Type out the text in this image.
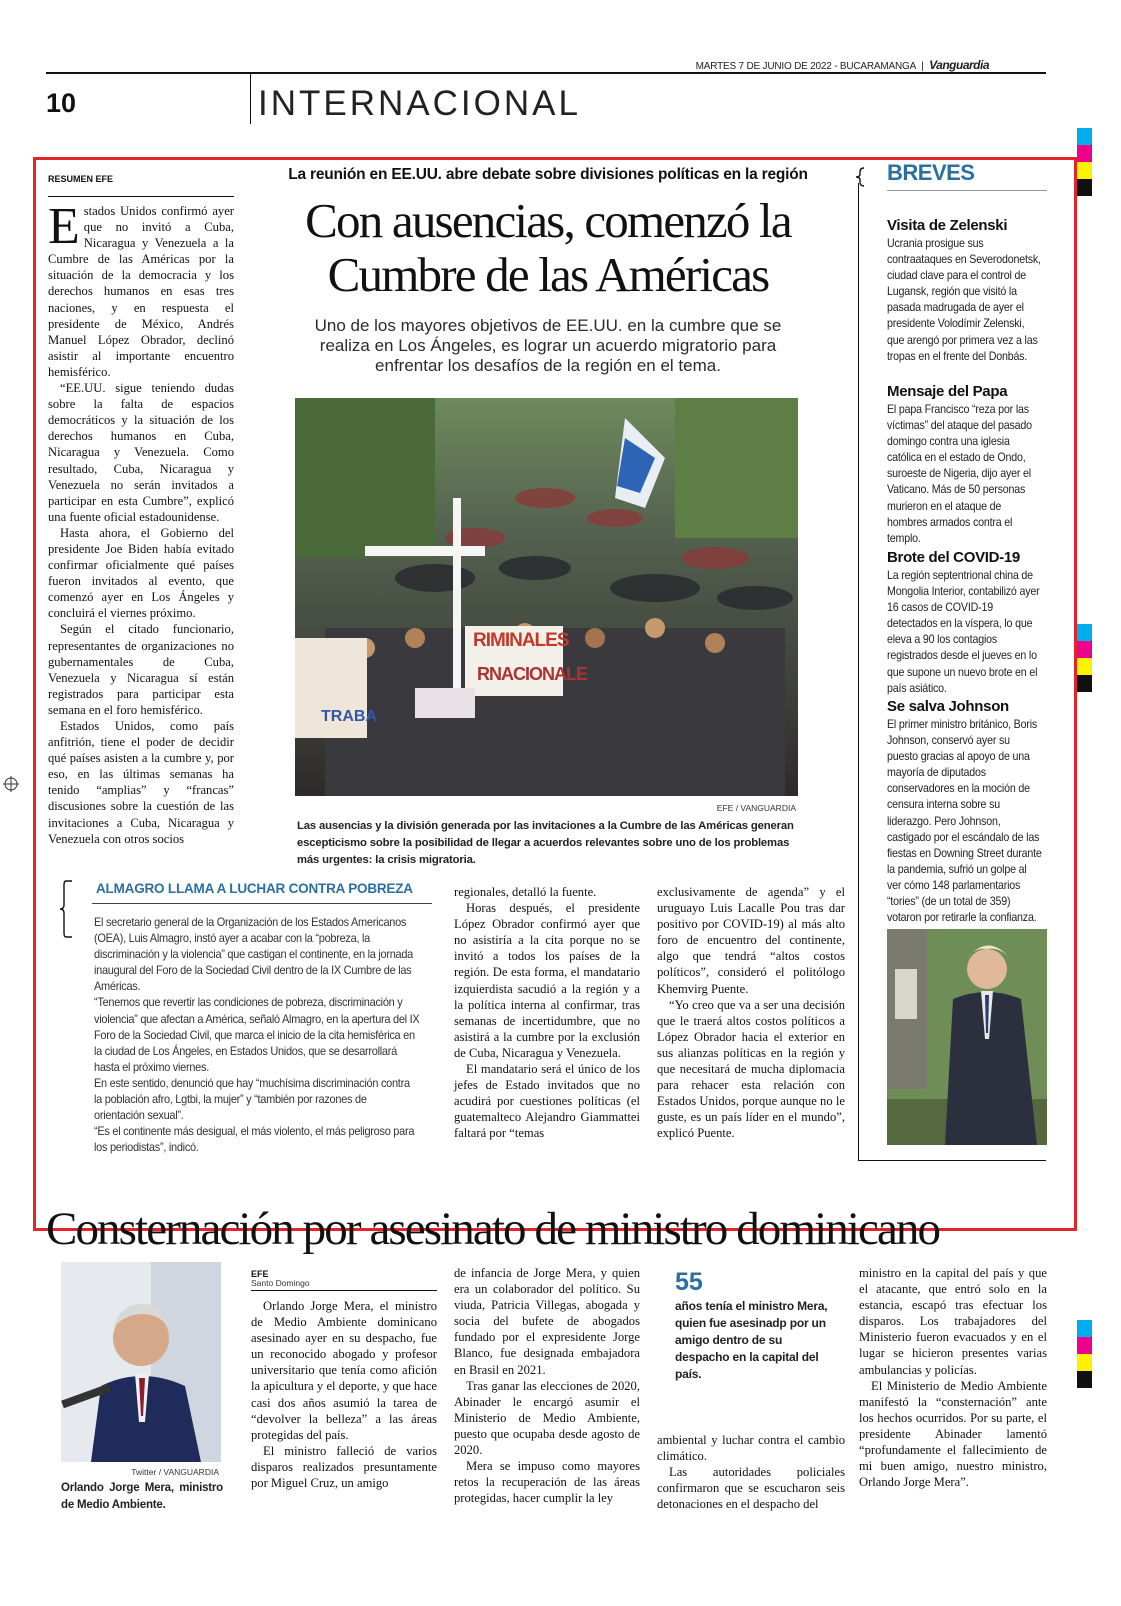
MARTES 7 DE JUNIO DE 2022 - BUCARAMANGA | Vanguardia
10	INTERNACIONAL
RESUMEN EFE

Estados Unidos confirmó ayer que no invitó a Cuba, Nicaragua y Venezuela a la Cumbre de las Américas por la situación de la democracia y los derechos humanos en esas tres naciones, y en respuesta el presidente de México, Andrés Manuel López Obrador, declinó asistir al importante encuentro hemisférico.

“EE.UU. sigue teniendo dudas sobre la falta de espacios democráticos y la situación de los derechos humanos en Cuba, Nicaragua y Venezuela. Como resultado, Cuba, Nicaragua y Venezuela no serán invitados a participar en esta Cumbre”, explicó una fuente oficial estadounidense.

Hasta ahora, el Gobierno del presidente Joe Biden había evitado confirmar oficialmente qué países fueron invitados al evento, que comenzó ayer en Los Ángeles y concluirá el viernes próximo.

Según el citado funcionario, representantes de organizaciones no gubernamentales de Cuba, Venezuela y Nicaragua sí están registrados para participar esta semana en el foro hemisférico.

Estados Unidos, como país anfitrión, tiene el poder de decidir qué países asisten a la cumbre y, por eso, en las últimas semanas ha tenido “amplias” y “francas” discusiones sobre la cuestión de las invitaciones a Cuba, Nicaragua y Venezuela con otros socios

La reunión en EE.UU. abre debate sobre divisiones políticas en la región
Con ausencias, comenzó la
Cumbre de las Américas
Uno de los mayores objetivos de EE.UU. en la cumbre que se realiza en Los Ángeles, es lograr un acuerdo migratorio para enfrentar los desafíos de la región en el tema.
RIMINALES
RNACIONALE
TRABA
EFE / VANGUARDIA
Las ausencias y la división generada por las invitaciones a la Cumbre de las Américas generan escepticismo sobre la posibilidad de llegar a acuerdos relevantes sobre uno de los problemas más urgentes: la crisis migratoria.
ALMAGRO LLAMA A LUCHAR CONTRA POBREZA

El secretario general de la Organización de los Estados Americanos (OEA), Luis Almagro, instó ayer a acabar con la “pobreza, la discriminación y la violencia” que castigan el continente, en la jornada inaugural del Foro de la Sociedad Civil dentro de la IX Cumbre de las Américas.

“Tenemos que revertir las condiciones de pobreza, discriminación y violencia” que afectan a América, señaló Almagro, en la apertura del IX Foro de la Sociedad Civil, que marca el inicio de la cita hemisférica en la ciudad de Los Ángeles, en Estados Unidos, que se desarrollará hasta el próximo viernes.

En este sentido, denunció que hay “muchísima discriminación contra la población afro, Lgtbi, la mujer” y “también por razones de orientación sexual”.

“Es el continente más desigual, el más violento, el más peligroso para los periodistas”, indicó.

regionales, detalló la fuente.

Horas después, el presidente López Obrador confirmó ayer que no asistiría a la cita porque no se invitó a todos los países de la región. De esta forma, el mandatario izquierdista sacudió a la región y a la política interna al confirmar, tras semanas de incertidumbre, que no asistirá a la cumbre por la exclusión de Cuba, Nicaragua y Venezuela.

El mandatario será el único de los jefes de Estado invitados que no acudirá por cuestiones políticas (el guatemalteco Alejandro Giammattei faltará por “temas

exclusivamente de agenda” y el uruguayo Luis Lacalle Pou tras dar positivo por COVID-19) al más alto foro de encuentro del continente, algo que tendrá “altos costos políticos”, consideró el politólogo Khemvirg Puente.

“Yo creo que va a ser una decisión que le traerá altos costos políticos a López Obrador hacia el exterior en sus alianzas políticas en la región y que necesitará de mucha diplomacia para rehacer esta relación con Estados Unidos, porque aunque no le guste, es un país líder en el mundo”, explicó Puente.

BREVES
Visita de Zelenski
Ucrania prosigue sus contraataques en Severodonetsk, ciudad clave para el control de Lugansk, región que visitó la pasada madrugada de ayer el presidente Volodímir Zelenski, que arengó por primera vez a las tropas en el frente del Donbás.
Mensaje del Papa
El papa Francisco “reza por las víctimas” del ataque del pasado domingo contra una iglesia católica en el estado de Ondo, suroeste de Nigeria, dijo ayer el Vaticano. Más de 50 personas murieron en el ataque de hombres armados contra el templo.
Brote del COVID-19
La región septentrional china de Mongolia Interior, contabilizó ayer 16 casos de COVID-19 detectados en la víspera, lo que eleva a 90 los contagios registrados desde el jueves en lo que supone un nuevo brote en el país asiático.
Se salva Johnson
El primer ministro británico, Boris Johnson, conservó ayer su puesto gracias al apoyo de una mayoría de diputados conservadores en la moción de censura interna sobre su liderazgo. Pero Johnson, castigado por el escándalo de las fiestas en Downing Street durante la pandemia, sufrió un golpe al ver cómo 148 parlamentarios “tories” (de un total de 359) votaron por retirarle la confianza.
Consternación por asesinato de ministro dominicano
Twitter / VANGUARDIA
Orlando Jorge Mera, ministro de Medio Ambiente.
EFE
Santo Domingo

Orlando Jorge Mera, el ministro de Medio Ambiente dominicano asesinado ayer en su despacho, fue un reconocido abogado y profesor universitario que tenía como afición la apicultura y el deporte, y que hace casi dos años asumió la tarea de “devolver la belleza” a las áreas protegidas del país.

El ministro falleció de varios disparos realizados presuntamente por Miguel Cruz, un amigo

de infancia de Jorge Mera, y quien era un colaborador del político. Su viuda, Patricia Villegas, abogada y socia del bufete de abogados fundado por el expresidente Jorge Blanco, fue designada embajadora en Brasil en 2021.

Tras ganar las elecciones de 2020, Abinader le encargó asumir el Ministerio de Medio Ambiente, puesto que ocupaba desde agosto de 2020.

Mera se impuso como mayores retos la recuperación de las áreas protegidas, hacer cumplir la ley

55
años tenía el ministro Mera, quien fue asesinadp por un amigo dentro de su despacho en la capital del país.

ambiental y luchar contra el cambio climático.

Las autoridades policiales confirmaron que se escucharon seis detonaciones en el despacho del

ministro en la capital del país y que el atacante, que entró solo en la estancia, escapó tras efectuar los disparos. Los trabajadores del Ministerio fueron evacuados y en el lugar se hicieron presentes varias ambulancias y policías.

El Ministerio de Medio Ambiente manifestó la “consternación” ante los hechos ocurridos. Por su parte, el presidente Abinader lamentó “profundamente el fallecimiento de mi buen amigo, nuestro ministro, Orlando Jorge Mera”.
